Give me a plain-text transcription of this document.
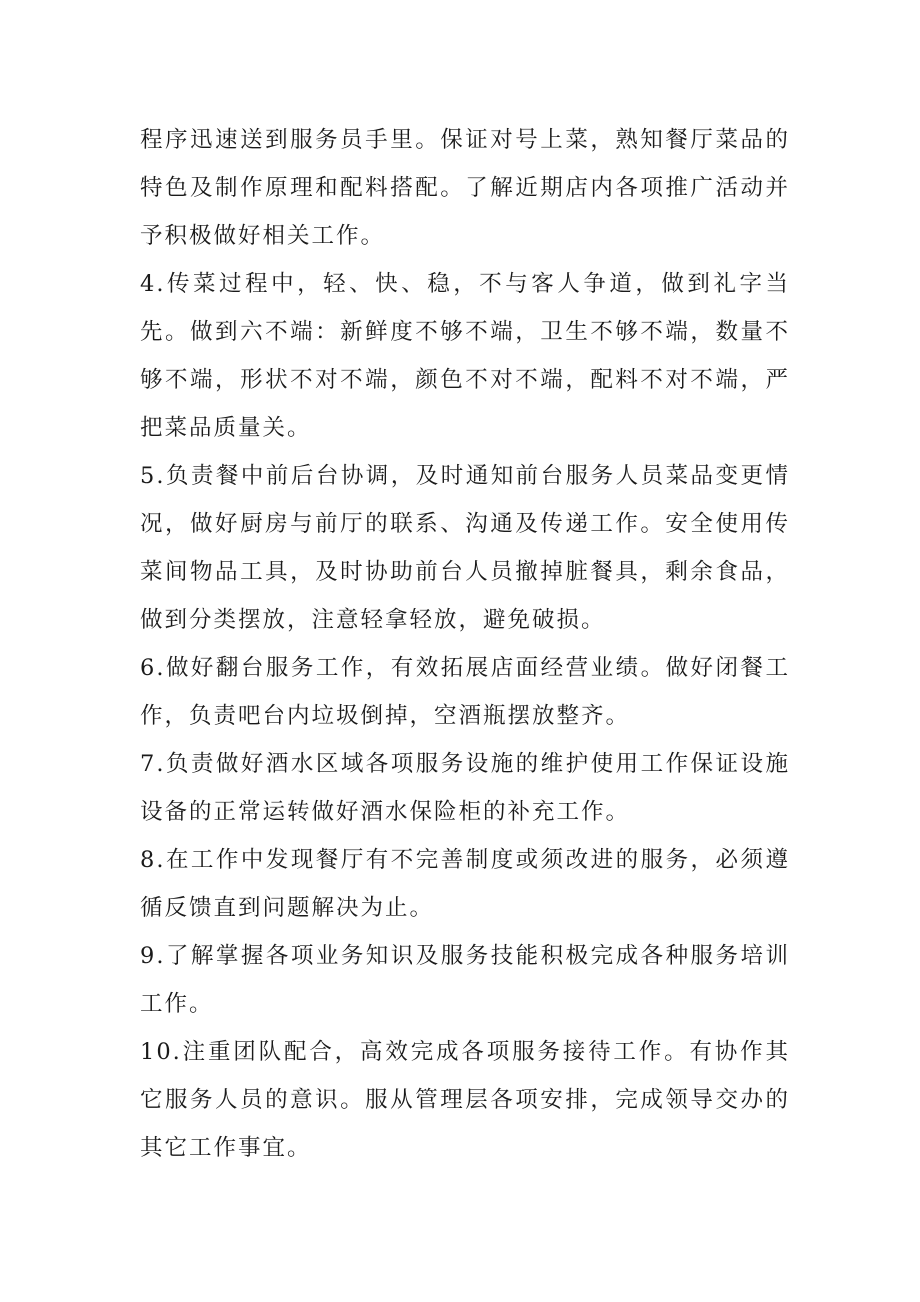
程序迅速送到服务员手里。保证对号上菜，熟知餐厅菜品的特色及制作原理和配料搭配。了解近期店内各项推广活动并予积极做好相关工作。

4.传菜过程中，轻、快、稳，不与客人争道，做到礼字当先。做到六不端：新鲜度不够不端，卫生不够不端，数量不够不端，形状不对不端，颜色不对不端，配料不对不端，严把菜品质量关。

5.负责餐中前后台协调，及时通知前台服务人员菜品变更情况，做好厨房与前厅的联系、沟通及传递工作。安全使用传菜间物品工具，及时协助前台人员撤掉脏餐具，剩余食品，做到分类摆放，注意轻拿轻放，避免破损。

6.做好翻台服务工作，有效拓展店面经营业绩。做好闭餐工作，负责吧台内垃圾倒掉，空酒瓶摆放整齐。

7.负责做好酒水区域各项服务设施的维护使用工作保证设施设备的正常运转做好酒水保险柜的补充工作。

8.在工作中发现餐厅有不完善制度或须改进的服务，必须遵循反馈直到问题解决为止。

9.了解掌握各项业务知识及服务技能积极完成各种服务培训工作。

10.注重团队配合，高效完成各项服务接待工作。有协作其它服务人员的意识。服从管理层各项安排，完成领导交办的其它工作事宜。
